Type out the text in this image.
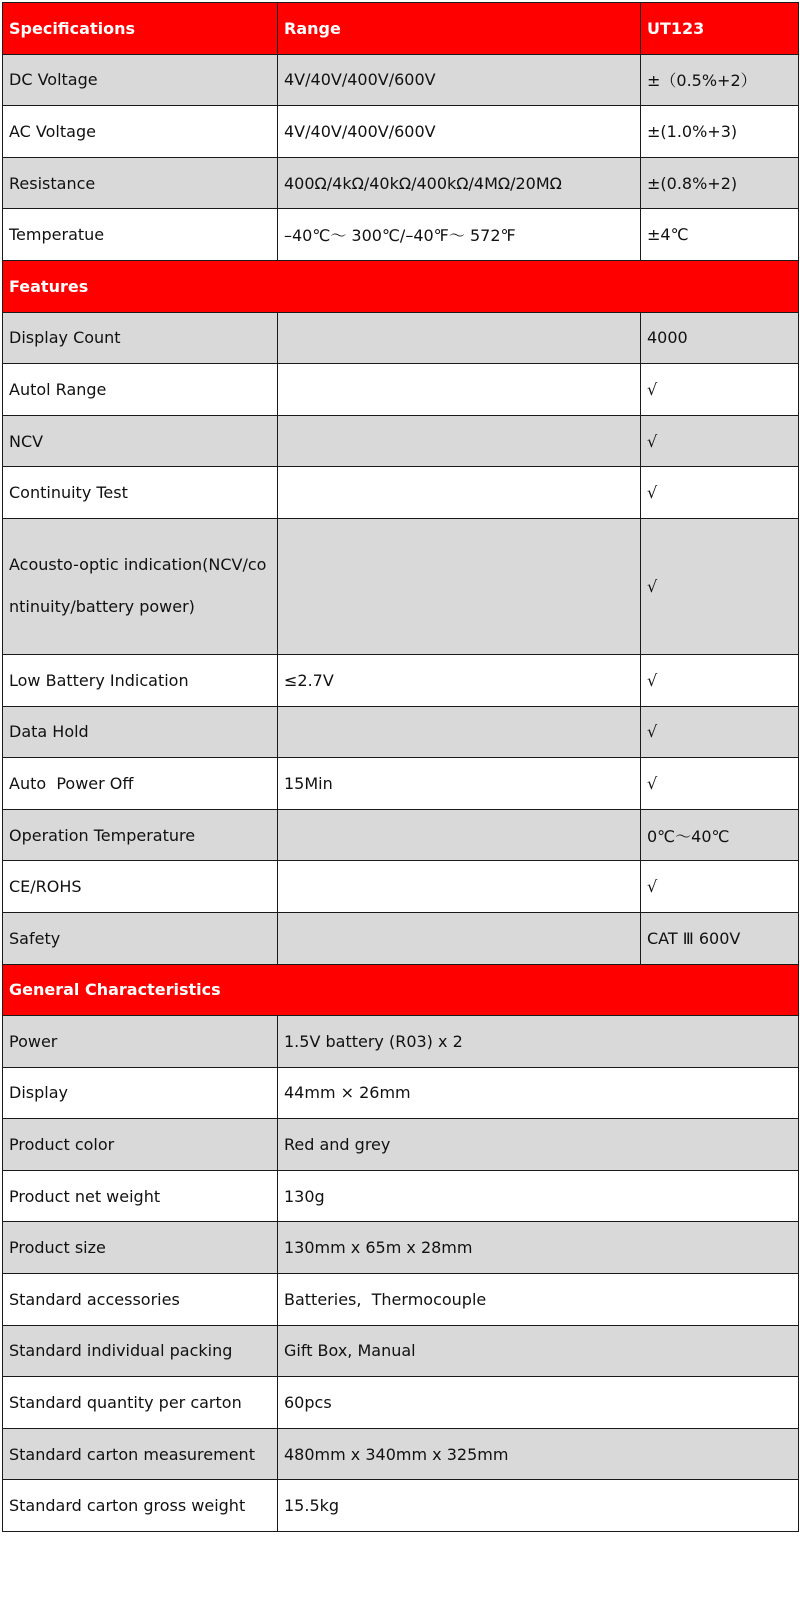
Specifications	Range	UT123
DC Voltage	4V/40V/400V/600V	±（0.5%+2）
AC Voltage	4V/40V/400V/600V	±(1.0%+3)
Resistance	400Ω/4kΩ/40kΩ/400kΩ/4MΩ/20MΩ	±(0.8%+2)
Temperatue	–40℃～ 300℃/–40℉～ 572℉	±4℃
Features		
Display Count		4000
Autol Range		√
NCV		√
Continuity Test		√
Acousto-optic indication(NCV/continuity/battery power)		√
Low Battery Indication	≤2.7V	√
Data Hold		√
Auto  Power Off	15Min	√
Operation Temperature		0℃～40℃
CE/ROHS		√
Safety		CAT Ⅲ 600V
General Characteristics		
Power	1.5V battery (R03) x 2	
Display	44mm × 26mm	
Product color	Red and grey	
Product net weight	130g	
Product size	130mm x 65m x 28mm	
Standard accessories	Batteries,  Thermocouple	
Standard individual packing	Gift Box, Manual	
Standard quantity per carton	60pcs	
Standard carton measurement	480mm x 340mm x 325mm	
Standard carton gross weight	15.5kg	
